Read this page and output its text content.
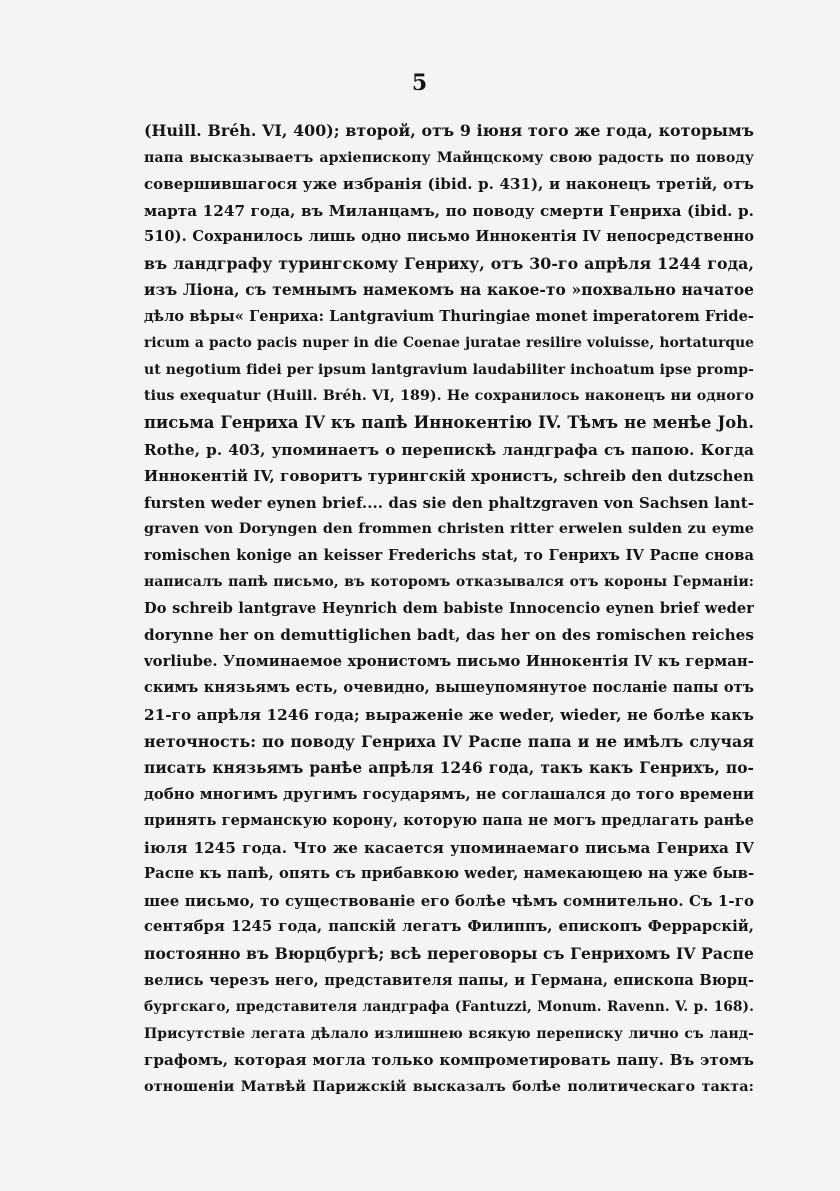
5
(Huill. Bréh. VI, 400); второй, отъ 9 іюня того же года, которымъ
папа высказываетъ архіепископу Майнцскому свою радость по поводу
совершившагося уже избранія (ibid. p. 431), и наконецъ третій, отъ
марта 1247 года, въ Миланцамъ, по поводу смерти Генриха (ibid. p.
510). Сохранилось лишь одно письмо Иннокентія IV непосредственно
въ ландграфу турингскому Генриху, отъ 30-го апрѣля 1244 года,
изъ Ліона, съ темнымъ намекомъ на какое-то »похвально начатое
дѣло вѣры« Генриха: Lantgravium Thuringiae monet imperatorem Fride-
ricum a pacto pacis nuper in die Coenae juratae resilire voluisse, hortaturque
ut negotium fidei per ipsum lantgravium laudabiliter inchoatum ipse promp-
tius exequatur (Huill. Bréh. VI, 189). Не сохранилось наконецъ ни одного
письма Генриха IV къ папѣ Иннокентію IV. Тѣмъ не менѣе Joh.
Rothe, p. 403, упоминаетъ о перепискѣ ландграфа съ папою. Когда
Иннокентій IV, говоритъ турингскій хронистъ, schreib den dutzschen
fursten weder eynen brief.... das sie den phaltzgraven von Sachsen lant-
graven von Doryngen den frommen christen ritter erwelen sulden zu eyme
romischen konige an keisser Frederichs stat, то Генрихъ IV Распе снова
написалъ папѣ письмо, въ которомъ отказывался отъ короны Германіи:
Do schreib lantgrave Heynrich dem babiste Innocencio eynen brief weder
dorynne her on demuttiglichen badt, das her on des romischen reiches
vorliube. Упоминаемое хронистомъ письмо Иннокентія IV къ герман-
скимъ князьямъ есть, очевидно, вышеупомянутое посланіе папы отъ
21-го апрѣля 1246 года; выраженіе же weder, wieder, не болѣе какъ
неточность: по поводу Генриха IV Распе папа и не имѣлъ случая
писать князьямъ ранѣе апрѣля 1246 года, такъ какъ Генрихъ, по-
добно многимъ другимъ государямъ, не соглашался до того времени
принять германскую корону, которую папа не могъ предлагать ранѣе
іюля 1245 года. Что же касается упоминаемаго письма Генриха IV
Распе къ папѣ, опять съ прибавкою weder, намекающею на уже быв-
шее письмо, то существованіе его болѣе чѣмъ сомнительно. Съ 1-го
сентября 1245 года, папскій легатъ Филиппъ, епископъ Феррарскій,
постоянно въ Вюрцбургѣ; всѣ переговоры съ Генрихомъ IV Распе
велись черезъ него, представителя папы, и Германа, епископа Вюрц-
бургскаго, представителя ландграфа (Fantuzzi, Monum. Ravenn. V. p. 168).
Присутствіе легата дѣлало излишнею всякую переписку лично съ ланд-
графомъ, которая могла только компрометировать папу. Въ этомъ
отношеніи Матвѣй Парижскій высказалъ болѣе политическаго такта:
